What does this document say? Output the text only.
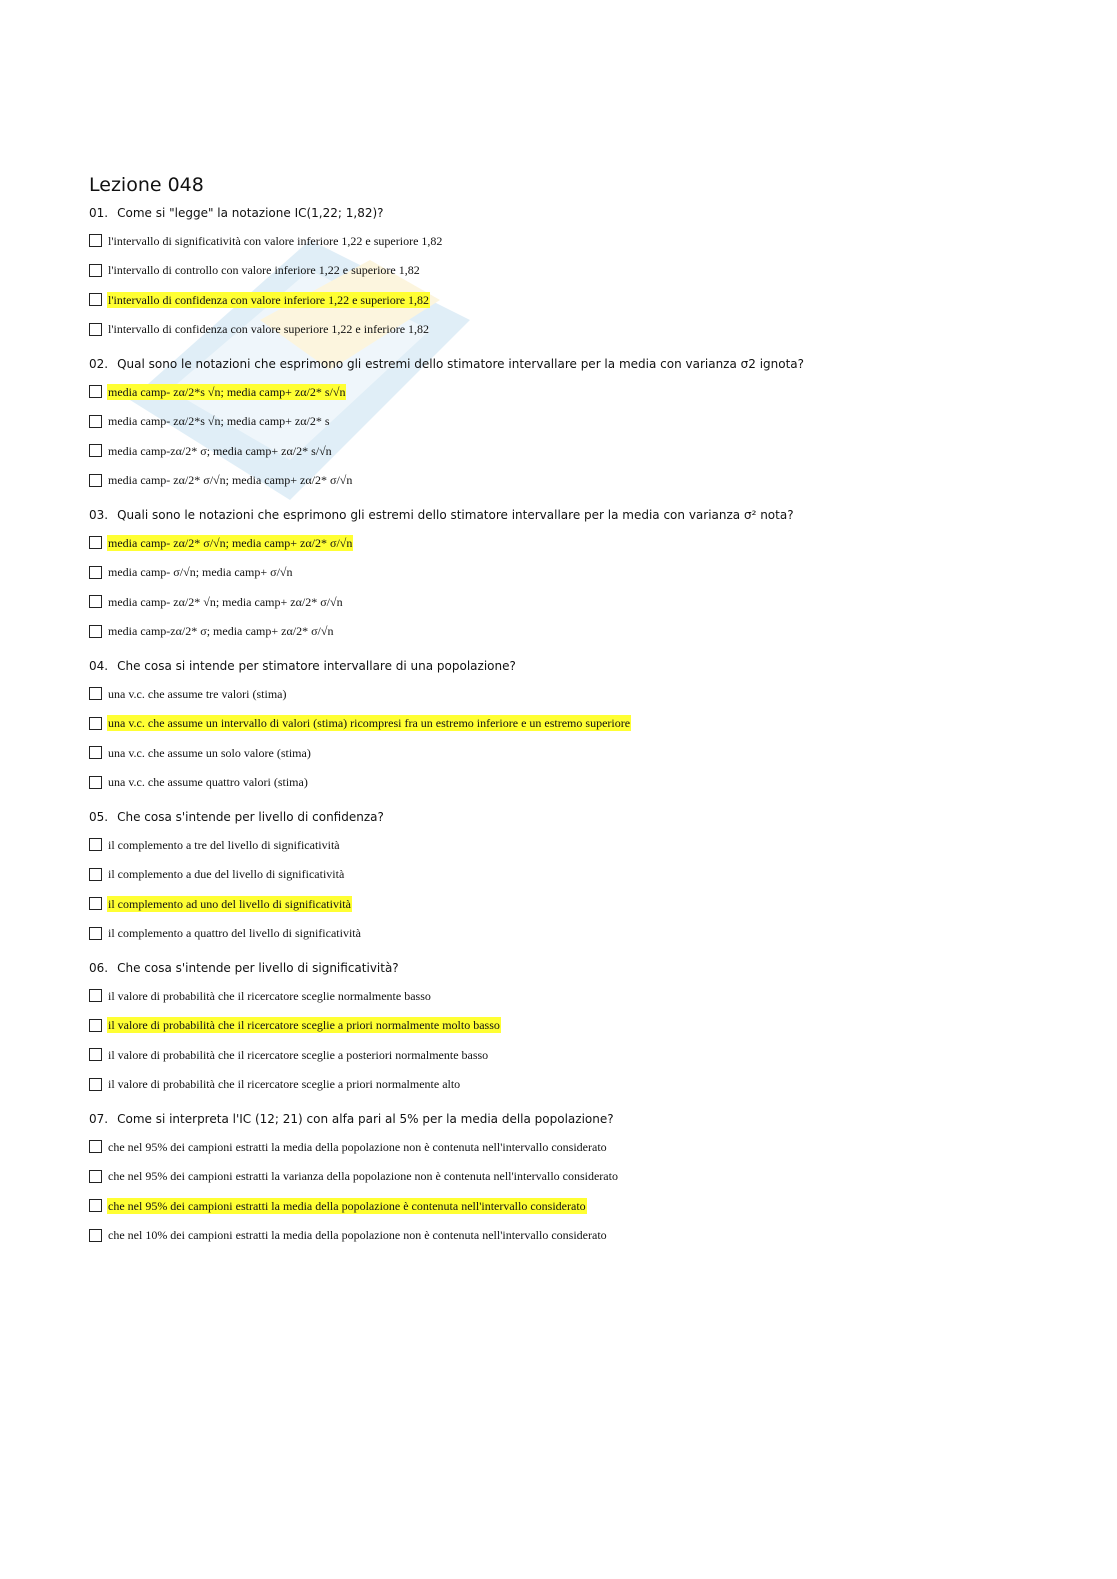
Lezione 048

01. Come si "legge" la notazione IC(1,22; 1,82)?

l'intervallo di significatività con valore inferiore 1,22 e superiore 1,82
l'intervallo di controllo con valore inferiore 1,22 e superiore 1,82
l'intervallo di confidenza con valore inferiore 1,22 e superiore 1,82
l'intervallo di confidenza con valore superiore 1,22 e inferiore 1,82

02. Qual sono le notazioni che esprimono gli estremi dello stimatore intervallare per la media con varianza σ2 ignota?

media camp- zα/2*s √n; media camp+ zα/2* s/√n
media camp- zα/2*s √n; media camp+ zα/2* s
media camp-zα/2* σ; media camp+ zα/2* s/√n
media camp- zα/2* σ/√n; media camp+ zα/2* σ/√n

03. Quali sono le notazioni che esprimono gli estremi dello stimatore intervallare per la media con varianza σ² nota?

media camp- zα/2* σ/√n; media camp+ zα/2* σ/√n
media camp- σ/√n; media camp+ σ/√n
media camp- zα/2* √n; media camp+ zα/2* σ/√n
media camp-zα/2* σ; media camp+ zα/2* σ/√n

04. Che cosa si intende per stimatore intervallare di una popolazione?

una v.c. che assume tre valori (stima)
una v.c. che assume un intervallo di valori (stima) ricompresi fra un estremo inferiore e un estremo superiore
una v.c. che assume un solo valore (stima)
una v.c. che assume quattro valori (stima)

05. Che cosa s'intende per livello di confidenza?

il complemento a tre del livello di significatività
il complemento a due del livello di significatività
il complemento ad uno del livello di significatività
il complemento a quattro del livello di significatività

06. Che cosa s'intende per livello di significatività?

il valore di probabilità che il ricercatore sceglie normalmente basso
il valore di probabilità che il ricercatore sceglie a priori normalmente molto basso
il valore di probabilità che il ricercatore sceglie a posteriori normalmente basso
il valore di probabilità che il ricercatore sceglie a priori normalmente alto

07. Come si interpreta l'IC (12; 21) con alfa pari al 5% per la media della popolazione?

che nel 95% dei campioni estratti la media della popolazione non è contenuta nell'intervallo considerato
che nel 95% dei campioni estratti la varianza della popolazione non è contenuta nell'intervallo considerato
che nel 95% dei campioni estratti la media della popolazione è contenuta nell'intervallo considerato
che nel 10% dei campioni estratti la media della popolazione non è contenuta nell'intervallo considerato
